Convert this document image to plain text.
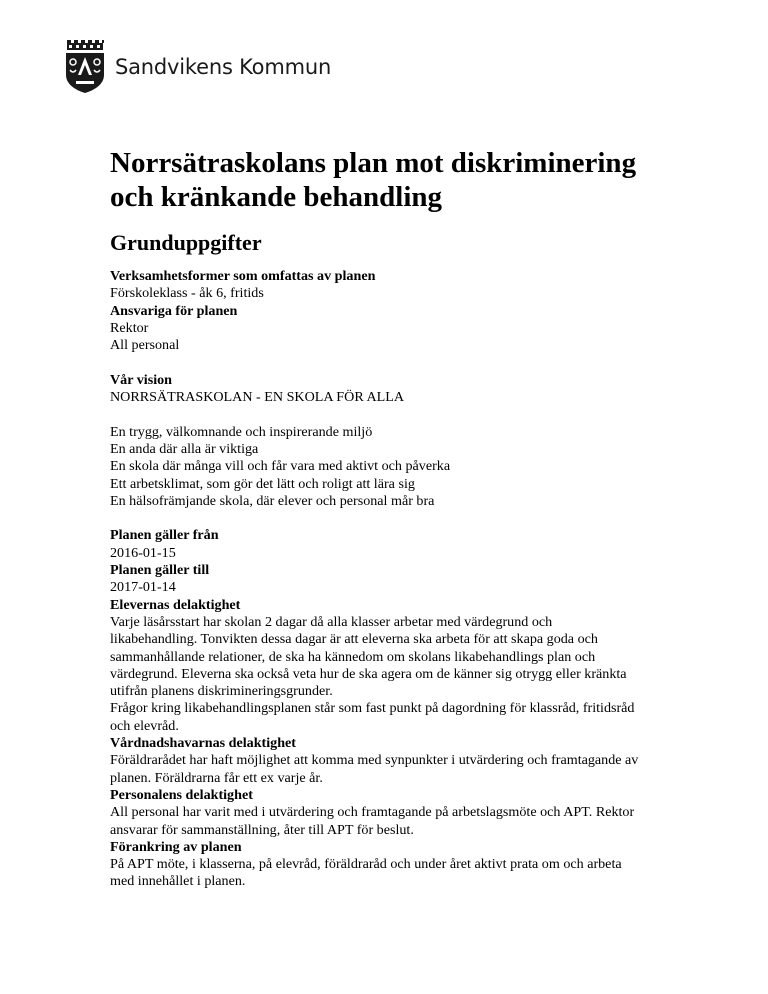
Sandvikens Kommun
Norrsätraskolans plan mot diskriminering
och kränkande behandling
Grunduppgifter

Verksamhetsformer som omfattas av planen

Förskoleklass - åk 6, fritids

Ansvariga för planen

Rektor

All personal

Vår vision

NORRSÄTRASKOLAN - EN SKOLA FÖR ALLA

En trygg, välkomnande och inspirerande miljö

En anda där alla är viktiga

En skola där många vill och får vara med aktivt och påverka

Ett arbetsklimat, som gör det lätt och roligt att lära sig

En hälsofrämjande skola, där elever och personal mår bra

Planen gäller från

2016-01-15

Planen gäller till

2017-01-14

Elevernas delaktighet

Varje läsårsstart har skolan 2 dagar då alla klasser arbetar med värdegrund och

likabehandling. Tonvikten dessa dagar är att eleverna ska arbeta för att skapa goda och

sammanhållande relationer, de ska ha kännedom om skolans likabehandlings plan och

värdegrund. Eleverna ska också veta hur de ska agera om de känner sig otrygg eller kränkta

utifrån planens diskrimineringsgrunder.

Frågor kring likabehandlingsplanen står som fast punkt på dagordning för klassråd, fritidsråd

och elevråd.

Vårdnadshavarnas delaktighet

Föräldrarådet har haft möjlighet att komma med synpunkter i utvärdering och framtagande av

planen. Föräldrarna får ett ex varje år.

Personalens delaktighet

All personal har varit med i utvärdering och framtagande på arbetslagsmöte och APT. Rektor

ansvarar för sammanställning, åter till APT för beslut.

Förankring av planen

På APT möte, i klasserna, på elevråd, föräldraråd och under året aktivt prata om och arbeta

med innehållet i planen.
